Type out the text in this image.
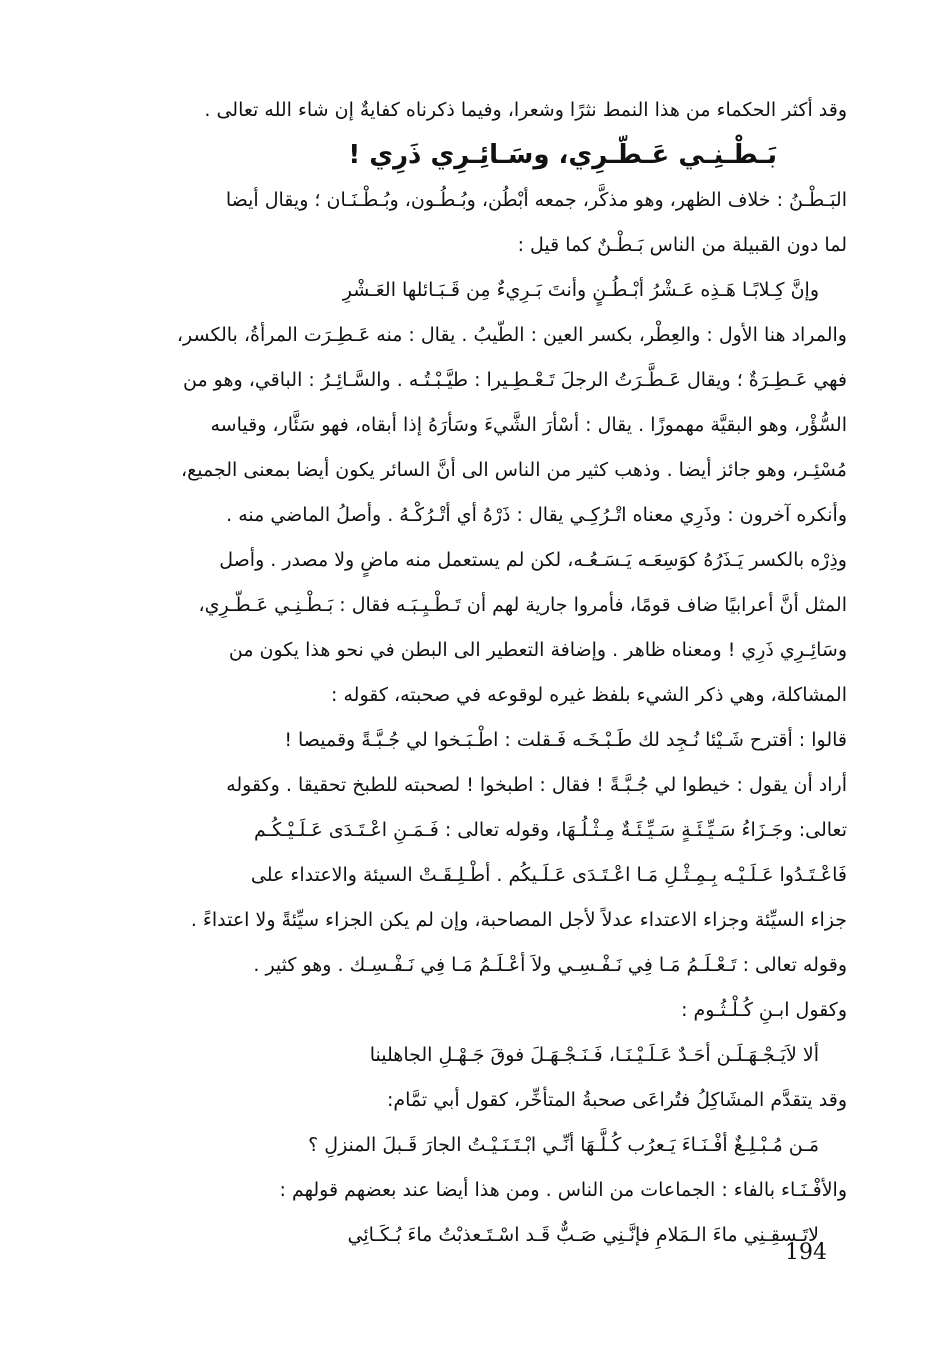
وقد أكثر الحكماء من هذا النمط نثرًا وشعرا، وفيما ذكرناه كفايةٌ إن شاء الله تعالى .
بَـطْـنِـي عَـطّـرِي، وسَـائِـرِي ذَرِي !
البَـطْـنُ : خلاف الظهر، وهو مذكَّر، جمعه أبْطُن، وبُـطُـون، وبُـطْـنَـان ؛ ويقال أيضا
لما دون القبيلة من الناس بَـطْـنٌ كما قيل :
وإنَّ كِـلابًـا هَـذِه عَـشْرُ أبْـطُـنٍ وأنتَ بَـرِيءٌ مِن قَـبَـائلها العَـشْرِ
والمراد هنا الأول : والعِطْر، بكسر العين : الطّيبُ . يقال : منه عَـطِـرَت المرأةُ، بالكسر،
فهي عَـطِـرَةٌ ؛ ويقال عَـطَّـرَتُ الرجلَ تَـعْـطِـيرا : طيَّـبْـتُـه . والسَّـائِـرُ : الباقي، وهو من
السُّؤْر، وهو البقيَّة مهموزًا . يقال : أسْأرَ الشَّيءَ وسَأرَهُ إذا أبقاه، فهو سَئَّار، وقياسه
مُسْئِـر، وهو جائز أيضا . وذهب كثير من الناس الى أنَّ السائر يكون أيضا بمعنى الجميع،
وأنكره آخرون : وذَرِي معناه اتْـرُكِـي يقال : ذَرْهُ أي أتْـرُكْـهُ . وأصلُ الماضي منه .
وذِرْه بالكسر يَـذَرُهُ كوَسِعَـه يَـسَـعُـه، لكن لم يستعمل منه ماضٍ ولا مصدر . وأصل
المثل أنَّ أعرابيًا ضاف قومًا، فأمروا جارية لهم أن تَـطْـيِـبَـه فقال : بَـطْـنِـي عَـطّـرِي،
وسَائِـرِي ذَرِي ! ومعناه ظاهر . وإضافة التعطير الى البطن في نحو هذا يكون من
المشاكلة، وهي ذكر الشيء بلفظ غيره لوقوعه في صحبته، كقوله :
قالوا : أقترح شَـيْئا نُـجِد لك طَـبْـخَـه فَـقلت : اطْـبَـخوا لي جُـبَّـةً وقميصا !
أراد أن يقول : خيطوا لي جُـبَّـةً ! فقال : اطبخوا ! لصحبته للطبخ تحقيقا . وكقوله
تعالى: وجَـزَاءُ سَـيِّـئَـةٍ سَـيِّـئَـةٌ مِـثْـلُـهَا، وقوله تعالى : فَـمَـنِ اعْـتَـدَى عَـلَـيْـكُـم
فَاعْـتَـدُوا عَـلَـيْـه بِـمِـثْـلِ مَـا اعْـتَـدَى عَـلَـيكُم . أطْـلِـقَـتْ السيئة والاعتداء على
جزاء السيِّئة وجزاء الاعتداء عدلاً لأجل المصاحبة، وإن لم يكن الجزاء سيِّئةً ولا اعتداءً .
وقوله تعالى : تَـعْـلَـمُ مَـا فِي نَـفْـسِـي ولاَ أعْـلَـمُ مَـا فِي نَـفْـسِـك . وهو كثير .
وكقول ابـنِ كُـلْـثُـوم :
ألا لاَيَـجْـهَـلَـن أحَـدٌ عَـلَـيْـنَـا، فَـنَـجْـهَـلَ فوقَ جَـهْـلِ الجاهلينا
وقد يتقدَّم المشَاكِلُ فتُراعَى صحبةُ المتأخِّر، كقول أبي تمَّام:
مَـن مُـبْـلِـغٌ أفْـنَـاءَ يَـعرُب كُـلَّـهَا أنِّـي ابْـتَـنَـيْـتُ الجارَ قَـبلَ المنزلِ ؟
والأفْـنَـاء بالفاء : الجماعات من الناس . ومن هذا أيضا عند بعضهم قولهم :
لاتَـسقِـنِي ماءَ الـمَلامِ فإنَّـنِي صَـبٌّ قَـد اسْـتَـعذبْتُ ماءَ بُـكَـائِي
194
